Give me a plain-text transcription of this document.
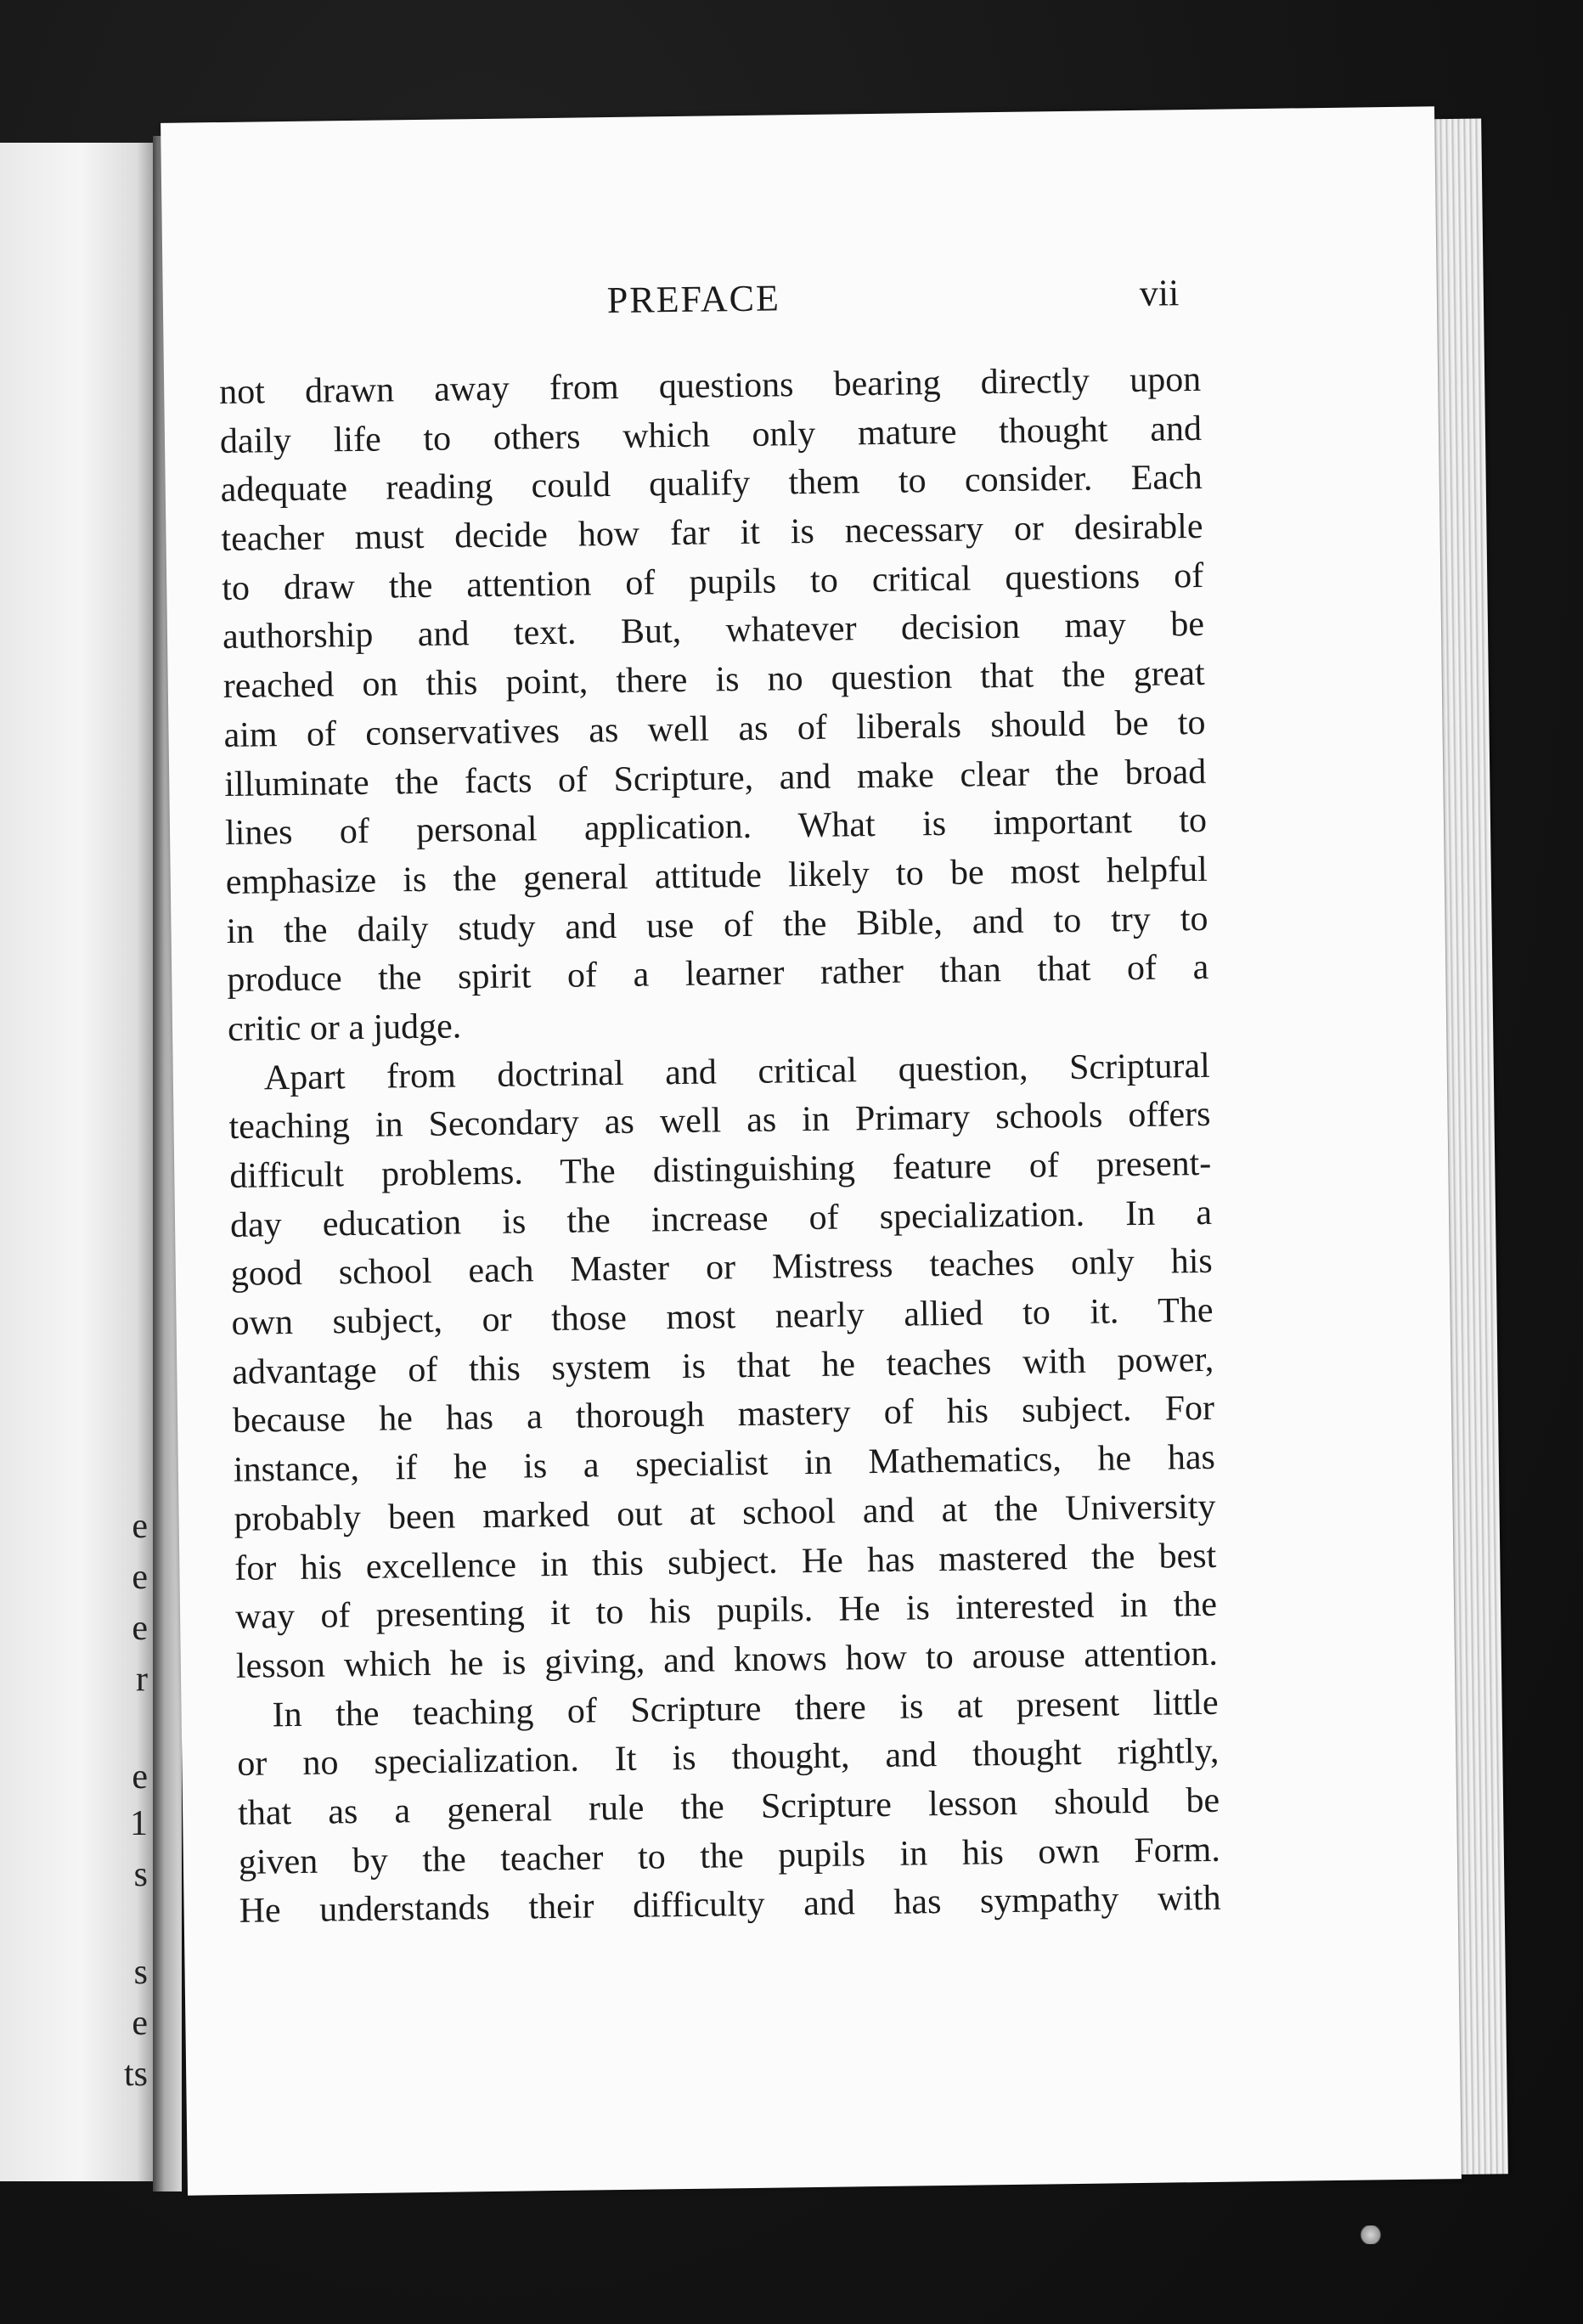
e
e
e
r
e
1
s
s
e
ts
PREFACE	vii
not drawn away from questions bearing directly upon
daily life to others which only mature thought and
adequate reading could qualify them to consider. Each
teacher must decide how far it is necessary or desirable
to draw the attention of pupils to critical questions of
authorship and text. But, whatever decision may be
reached on this point, there is no question that the great
aim of conservatives as well as of liberals should be to
illuminate the facts of Scripture, and make clear the broad
lines of personal application. What is important to
emphasize is the general attitude likely to be most helpful
in the daily study and use of the Bible, and to try to
produce the spirit of a learner rather than that of a
critic or a judge.
Apart from doctrinal and critical question, Scriptural
teaching in Secondary as well as in Primary schools offers
difficult problems. The distinguishing feature of present-
day education is the increase of specialization. In a
good school each Master or Mistress teaches only his
own subject, or those most nearly allied to it. The
advantage of this system is that he teaches with power,
because he has a thorough mastery of his subject. For
instance, if he is a specialist in Mathematics, he has
probably been marked out at school and at the University
for his excellence in this subject. He has mastered the best
way of presenting it to his pupils. He is interested in the
lesson which he is giving, and knows how to arouse attention.
In the teaching of Scripture there is at present little
or no specialization. It is thought, and thought rightly,
that as a general rule the Scripture lesson should be
given by the teacher to the pupils in his own Form.
He understands their difficulty and has sympathy with
